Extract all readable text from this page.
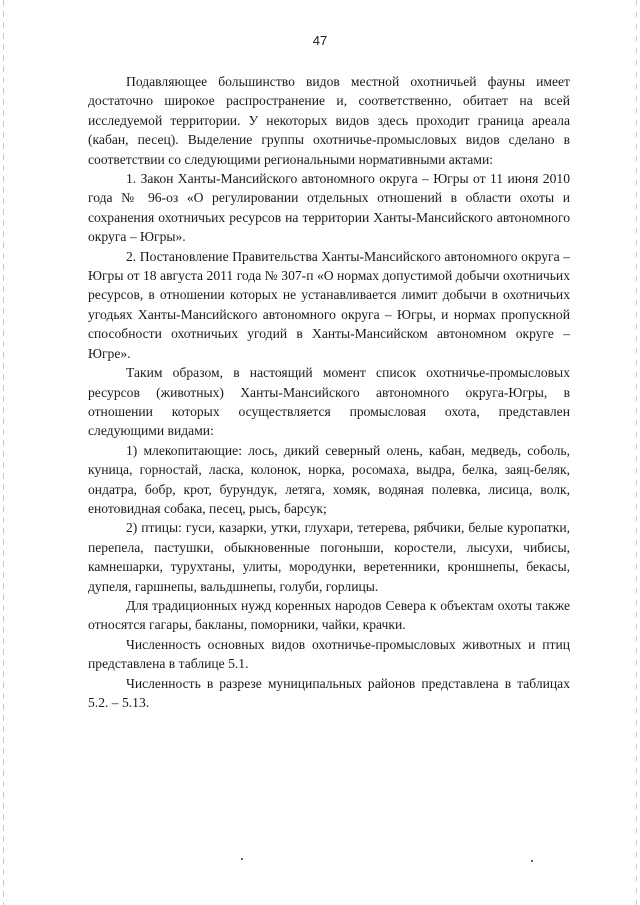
47

Подавляющее большинство видов местной охотничьей фауны имеет достаточно широкое распространение и, соответственно, обитает на всей исследуемой территории. У некоторых видов здесь проходит граница ареала (кабан, песец). Выделение группы охотничье-промысловых видов сделано в соответствии со следующими региональными нормативными актами:

1. Закон Ханты-Мансийского автономного округа – Югры от 11 июня 2010 года № 96-оз «О регулировании отдельных отношений в области охоты и сохранения охотничьих ресурсов на территории Ханты-Мансийского автономного округа – Югры».

2. Постановление Правительства Ханты-Мансийского автономного округа – Югры от 18 августа 2011 года № 307-п «О нормах допустимой добычи охотничьих ресурсов, в отношении которых не устанавливается лимит добычи в охотничьих угодьях Ханты-Мансийского автономного округа – Югры, и нормах пропускной способности охотничьих угодий в Ханты-Мансийском автономном округе – Югре».

Таким образом, в настоящий момент список охотничье-промысловых ресурсов (животных) Ханты-Мансийского автономного округа-Югры, в отношении которых осуществляется промысловая охота, представлен следующими видами:

1) млекопитающие: лось, дикий северный олень, кабан, медведь, соболь, куница, горностай, ласка, колонок, норка, росомаха, выдра, белка, заяц-беляк, ондатра, бобр, крот, бурундук, летяга, хомяк, водяная полевка, лисица, волк, енотовидная собака, песец, рысь, барсук;

2) птицы: гуси, казарки, утки, глухари, тетерева, рябчики, белые куропатки, перепела, пастушки, обыкновенные погоныши, коростели, лысухи, чибисы, камнешарки, турухтаны, улиты, мородунки, веретенники, кроншнепы, бекасы, дупеля, гаршнепы, вальдшнепы, голуби, горлицы.

Для традиционных нужд коренных народов Севера к объектам охоты также относятся гагары, бакланы, поморники, чайки, крачки.

Численность основных видов охотничье-промысловых животных и птиц представлена в таблице 5.1.

Численность в разрезе муниципальных районов представлена в таблицах 5.2. – 5.13.
